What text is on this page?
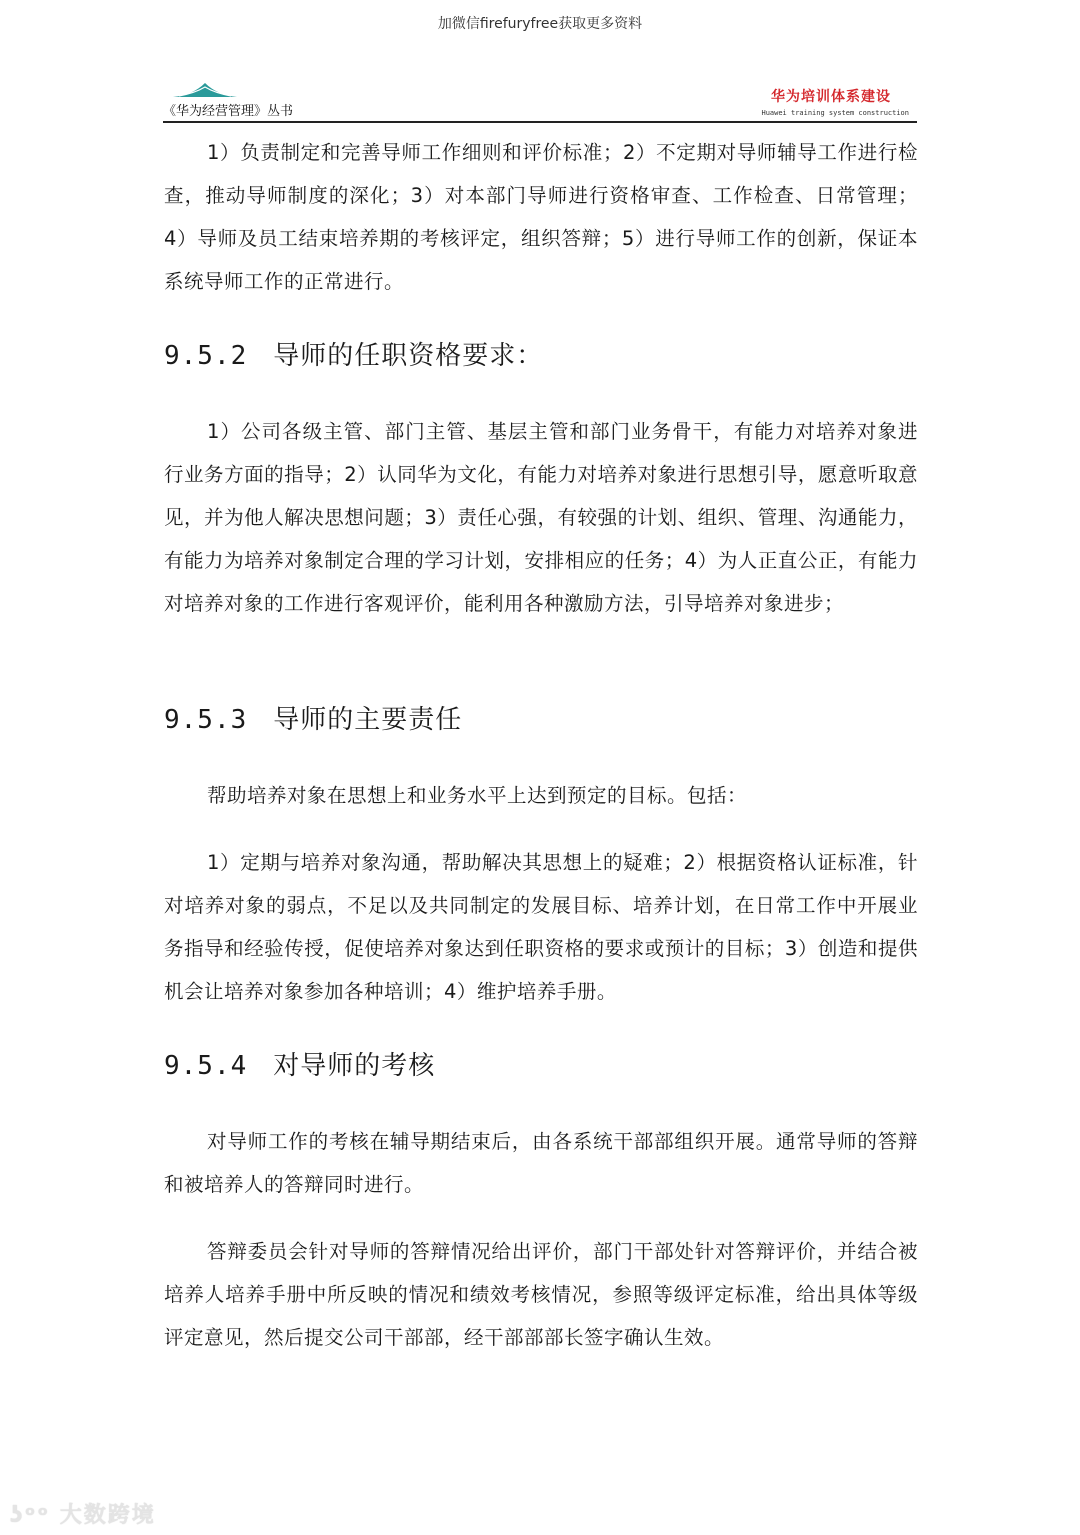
加微信firefuryfree获取更多资料
《华为经营管理》丛书
华为培训体系建设
Huawei training system construction

1）负责制定和完善导师工作细则和评价标准；2）不定期对导师辅导工作进行检查，推动导师制度的深化；3）对本部门导师进行资格审查、工作检查、日常管理；4）导师及员工结束培养期的考核评定，组织答辩；5）进行导师工作的创新，保证本系统导师工作的正常进行。

9.5.2 导师的任职资格要求：

1）公司各级主管、部门主管、基层主管和部门业务骨干，有能力对培养对象进行业务方面的指导；2）认同华为文化，有能力对培养对象进行思想引导，愿意听取意见，并为他人解决思想问题；3）责任心强，有较强的计划、组织、管理、沟通能力，有能力为培养对象制定合理的学习计划，安排相应的任务；4）为人正直公正，有能力对培养对象的工作进行客观评价，能利用各种激励方法，引导培养对象进步；

9.5.3 导师的主要责任

帮助培养对象在思想上和业务水平上达到预定的目标。包括：

1）定期与培养对象沟通，帮助解决其思想上的疑难；2）根据资格认证标准，针对培养对象的弱点，不足以及共同制定的发展目标、培养计划，在日常工作中开展业务指导和经验传授，促使培养对象达到任职资格的要求或预计的目标；3）创造和提供机会让培养对象参加各种培训；4）维护培养手册。

9.5.4 对导师的考核

对导师工作的考核在辅导期结束后，由各系统干部部组织开展。通常导师的答辩和被培养人的答辩同时进行。

答辩委员会针对导师的答辩情况给出评价，部门干部处针对答辩评价，并结合被培养人培养手册中所反映的情况和绩效考核情况，参照等级评定标准，给出具体等级评定意见，然后提交公司干部部，经干部部部长签字确认生效。

ʖᵒᵒ 大数跨境
